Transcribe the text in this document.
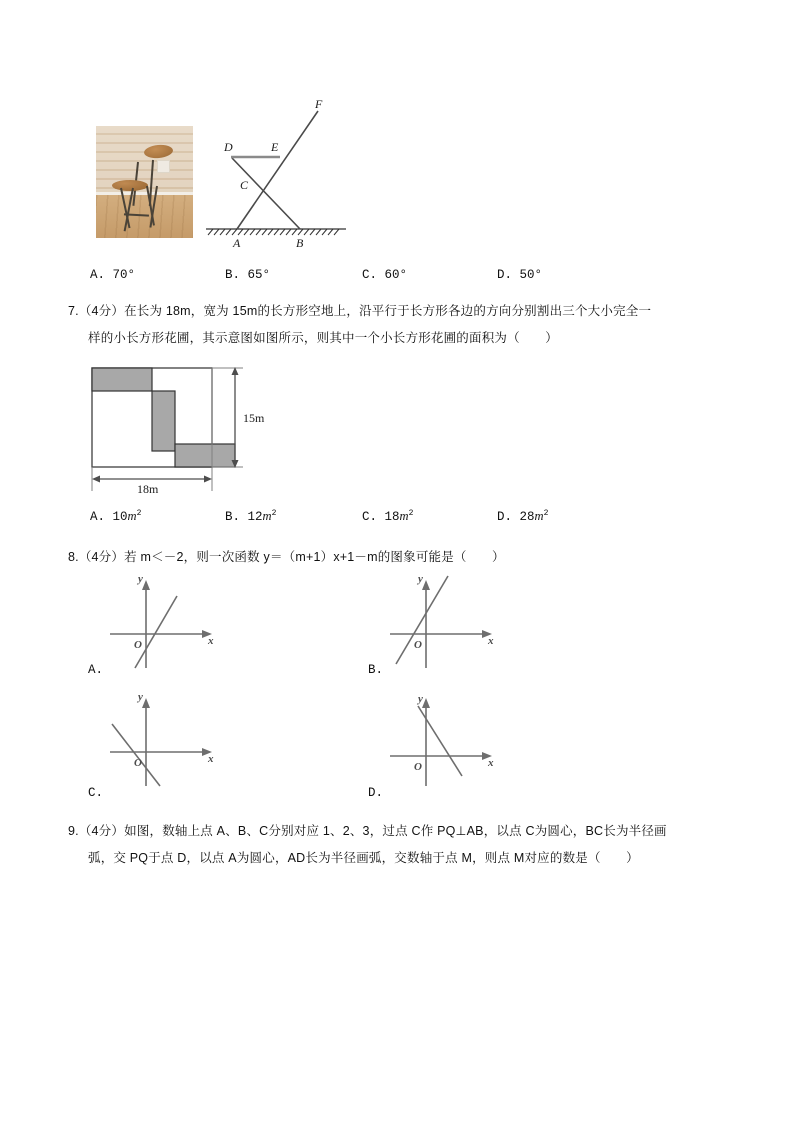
F
D	E
C
A	B
A. 70°	B. 65°	C. 60°	D. 50°
7.（4分）在长为 18m，宽为 15m的长方形空地上，沿平行于长方形各边的方向分别割出三个大小完全一
样的小长方形花圃，其示意图如图所示，则其中一个小长方形花圃的面积为（　　）
15m
18m
A. $10m^2$	B. $12m^2$	C. $18m^2$	D. $28m^2$
8.（4分）若 m＜－2，则一次函数 y＝（m+1）x+1－m的图象可能是（　　）
y
x
O
A.
y
x
O
B.
y
x
O
C.
y
x
O
D.
9.（4分）如图，数轴上点 A、B、C分别对应 1、2、3，过点 C作 PQ⊥AB，以点 C为圆心，BC长为半径画
弧，交 PQ于点 D，以点 A为圆心，AD长为半径画弧，交数轴于点 M，则点 M对应的数是（　　）
